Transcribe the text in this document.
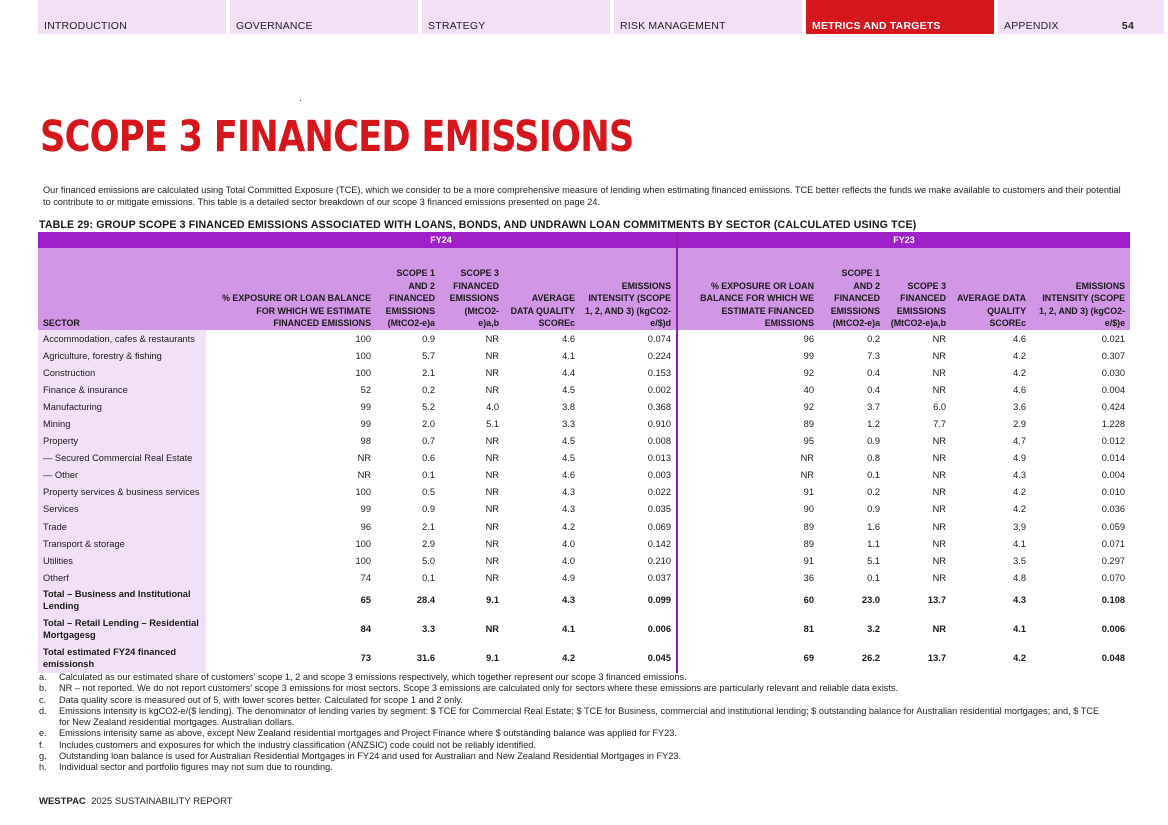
INTRODUCTION	GOVERNANCE	STRATEGY	RISK MANAGEMENT	METRICS AND TARGETS	APPENDIX	54
SCOPE 3 FINANCED EMISSIONS

Our financed emissions are calculated using Total Committed Exposure (TCE), which we consider to be a more comprehensive measure of lending when estimating financed emissions. TCE better reflects the funds we make available to customers and their potential to contribute to or mitigate emissions. This table is a detailed sector breakdown of our scope 3 financed emissions presented on page 24.

TABLE 29: GROUP SCOPE 3 FINANCED EMISSIONS ASSOCIATED WITH LOANS, BONDS, AND UNDRAWN LOAN COMMITMENTS BY SECTOR (CALCULATED USING TCE)
	FY24					FY23				
SECTOR	% EXPOSURE OR LOAN BALANCE FOR WHICH WE ESTIMATE FINANCED EMISSIONS	SCOPE 1 AND 2 FINANCED EMISSIONS (MtCO2-e)a	SCOPE 3 FINANCED EMISSIONS (MtCO2-e)a,b	AVERAGE DATA QUALITY SCOREc	EMISSIONS INTENSITY (SCOPE 1, 2, AND 3) (kgCO2-e/$)d	% EXPOSURE OR LOAN BALANCE FOR WHICH WE ESTIMATE FINANCED EMISSIONS	SCOPE 1 AND 2 FINANCED EMISSIONS (MtCO2-e)a	SCOPE 3 FINANCED EMISSIONS (MtCO2-e)a,b	AVERAGE DATA QUALITY SCOREc	EMISSIONS INTENSITY (SCOPE 1, 2, AND 3) (kgCO2-e/$)e
Accommodation, cafes & restaurants	100	0.9	NR	4.6	0.074	96	0.2	NR	4.6	0.021
Agriculture, forestry & fishing	100	5.7	NR	4.1	0.224	99	7.3	NR	4.2	0.307
Construction	100	2.1	NR	4.4	0.153	92	0.4	NR	4.2	0.030
Finance & insurance	52	0.2	NR	4.5	0.002	40	0.4	NR	4.6	0.004
Manufacturing	99	5.2	4.0	3.8	0.368	92	3.7	6.0	3.6	0.424
Mining	99	2.0	5.1	3.3	0.910	89	1.2	7.7	2.9	1.228
Property	98	0.7	NR	4.5	0.008	95	0.9	NR	4.7	0.012
— Secured Commercial Real Estate	NR	0.6	NR	4.5	0.013	NR	0.8	NR	4.9	0.014
— Other	NR	0.1	NR	4.6	0.003	NR	0.1	NR	4.3	0.004
Property services & business services	100	0.5	NR	4.3	0.022	91	0.2	NR	4.2	0.010
Services	99	0.9	NR	4.3	0.035	90	0.9	NR	4.2	0.036
Trade	96	2.1	NR	4.2	0.069	89	1.6	NR	3,9	0.059
Transport & storage	100	2.9	NR	4.0	0.142	89	1.1	NR	4.1	0.071
Utilities	100	5.0	NR	4.0	0.210	91	5.1	NR	3.5	0.297
Otherf	74	0.1	NR	4.9	0.037	36	0.1	NR	4.8	0.070
Total – Business and Institutional Lending	65	28.4	9.1	4.3	0.099	60	23.0	13.7	4.3	0.108
Total – Retail Lending – Residential Mortgagesg	84	3.3	NR	4.1	0.006	81	3.2	NR	4.1	0.006
Total estimated FY24 financed emissionsh	73	31.6	9.1	4.2	0.045	69	26.2	13.7	4.2	0.048
a.	Calculated as our estimated share of customers' scope 1, 2 and scope 3 emissions respectively, which together represent our scope 3 financed emissions.
b.	NR – not reported. We do not report customers' scope 3 emissions for most sectors. Scope 3 emissions are calculated only for sectors where these emissions are particularly relevant and reliable data exists.
c.	Data quality score is measured out of 5, with lower scores better. Calculated for scope 1 and 2 only.
d.	Emissions intensity is kgCO2-e/($ lending). The denominator of lending varies by segment: $ TCE for Commercial Real Estate; $ TCE for Business, commercial and institutional lending; $ outstanding balance for Australian residential mortgages; and, $ TCE for New Zealand residential mortgages. Australian dollars.
e.	Emissions intensity same as above, except New Zealand residential mortgages and Project Finance where $ outstanding balance was applied for FY23.
f.	Includes customers and exposures for which the industry classification (ANZSIC) code could not be reliably identified.
g.	Outstanding loan balance is used for Australian Residential Mortgages in FY24 and used for Australian and New Zealand Residential Mortgages in FY23.
h.	Individual sector and portfolio figures may not sum due to rounding.
WESTPAC 2025 SUSTAINABILITY REPORT
